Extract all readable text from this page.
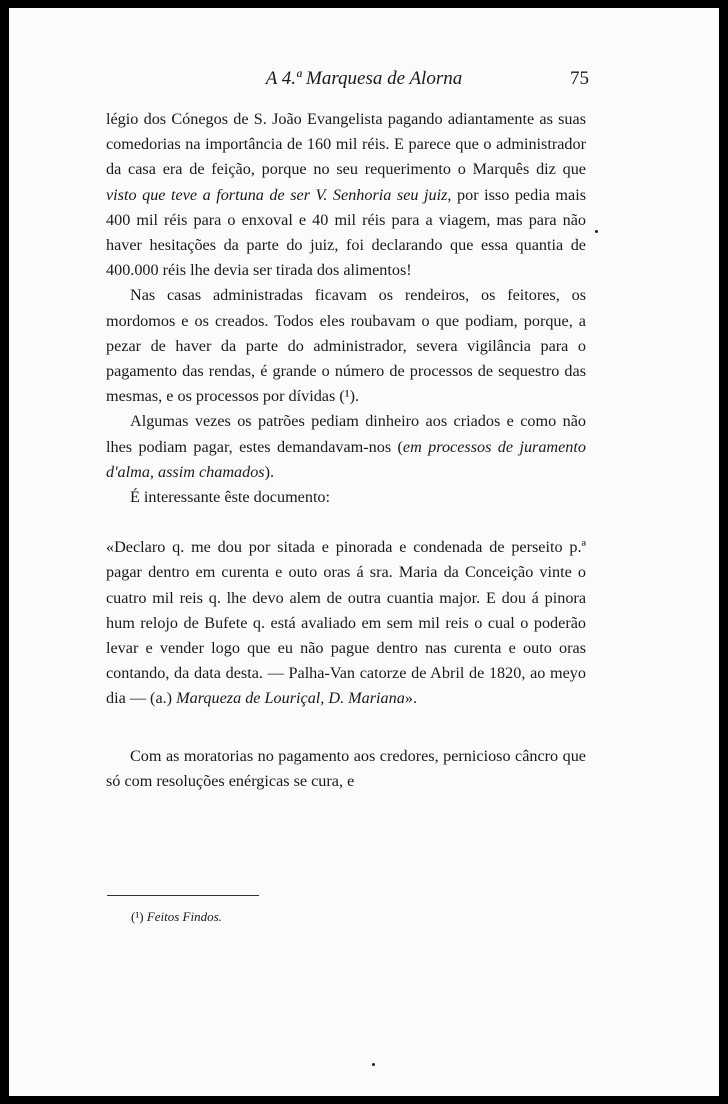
A 4.ª Marquesa de Alorna	75

légio dos Cónegos de S. João Evangelista pagando adiantamente as suas comedorias na importância de 160 mil réis. E parece que o administrador da casa era de feição, porque no seu requerimento o Marquês diz que visto que teve a fortuna de ser V. Senhoria seu juiz, por isso pedia mais 400 mil réis para o enxoval e 40 mil réis para a viagem, mas para não haver hesitações da parte do juiz, foi declarando que essa quantia de 400.000 réis lhe devia ser tirada dos alimentos!

Nas casas administradas ficavam os rendeiros, os feitores, os mordomos e os creados. Todos eles roubavam o que podiam, porque, a pezar de haver da parte do administrador, severa vigilância para o pagamento das rendas, é grande o número de processos de sequestro das mesmas, e os processos por dívidas (¹).

Algumas vezes os patrões pediam dinheiro aos criados e como não lhes podiam pagar, estes demandavam-nos (em processos de juramento d'alma, assim chamados).

É interessante êste documento:

«Declaro q. me dou por sitada e pinorada e condenada de perseito p.ª pagar dentro em curenta e outo oras á sra. Maria da Conceição vinte o cuatro mil reis q. lhe devo alem de outra cuantia major. E dou á pinora hum relojo de Bufete q. está avaliado em sem mil reis o cual o poderão levar e vender logo que eu não pague dentro nas curenta e outo oras contando, da data desta. — Palha-Van catorze de Abril de 1820, ao meyo dia — (a.) Marqueza de Louriçal, D. Mariana».

Com as moratorias no pagamento aos credores, pernicioso câncro que só com resoluções enérgicas se cura, e

(¹) Feitos Findos.
